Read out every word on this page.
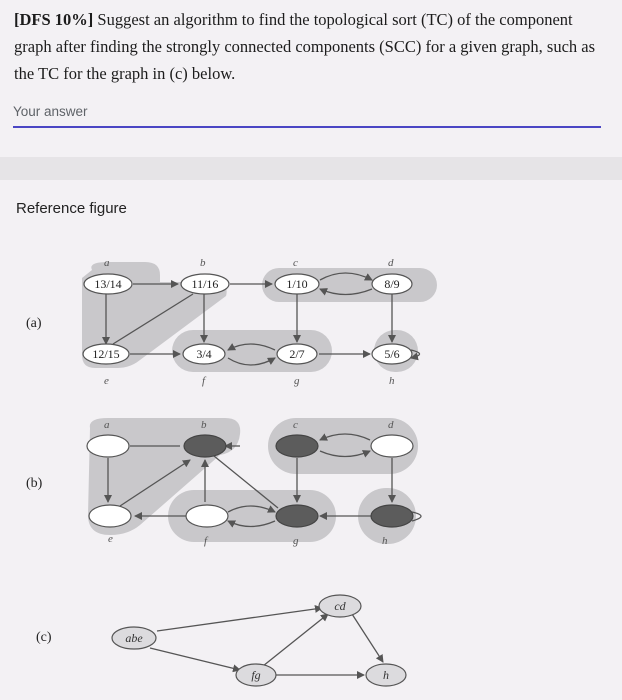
[DFS 10%] Suggest an algorithm to find the topological sort (TC) of the component graph after finding the strongly connected components (SCC) for a given graph, such as the TC for the graph in (c) below.
Your answer
Reference figure
(a)
a
13/14
b
11/16
c
1/10
d
8/9
12/15
e
3/4
f
2/7
g
5/6
h
(b)
a	b	c	d
e	f	g	h
(c)	abe
cd
fg	h
